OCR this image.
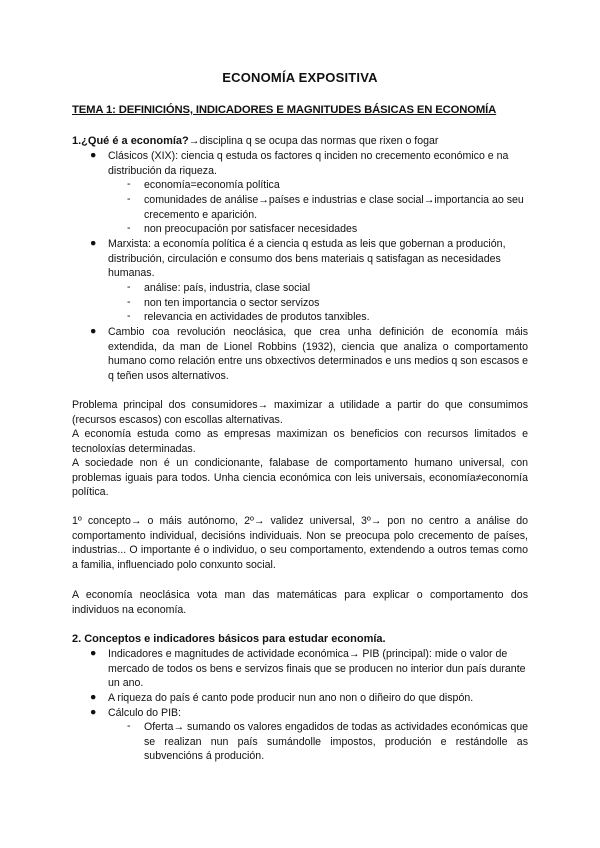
ECONOMÍA EXPOSITIVA
TEMA 1: DEFINICIÓNS, INDICADORES E MAGNITUDES BÁSICAS EN ECONOMÍA
1.¿Qué é a economía?→disciplina q se ocupa das normas que rixen o fogar
● Clásicos (XIX): ciencia q estuda os factores q inciden no crecemento económico e na distribución da riqueza.
- economía=economía política
- comunidades de análise→países e industrias e clase social→importancia ao seu crecemento e aparición.
- non preocupación por satisfacer necesidades
● Marxista: a economía política é a ciencia q estuda as leis que gobernan a produción, distribución, circulación e consumo dos bens materiais q satisfagan as necesidades humanas.
- análise: país, industria, clase social
- non ten importancia o sector servizos
- relevancia en actividades de produtos tanxibles.
● Cambio coa revolución neoclásica, que crea unha definición de economía máis extendida, da man de Lionel Robbins (1932), ciencia que analiza o comportamento humano como relación entre uns obxectivos determinados e uns medios q son escasos e q teñen usos alternativos.
Problema principal dos consumidores→ maximizar a utilidade a partir do que consumimos (recursos escasos) con escollas alternativas.
A economía estuda como as empresas maximizan os beneficios con recursos limitados e tecnoloxías determinadas.
A sociedade non é un condicionante, falabase de comportamento humano universal, con problemas iguais para todos. Unha ciencia económica con leis universais, economía≠economía política.
1º concepto→ o máis autónomo, 2º→ validez universal, 3º→ pon no centro a análise do comportamento individual, decisións individuais. Non se preocupa polo crecemento de países, industrias... O importante é o individuo, o seu comportamento, extendendo a outros temas como a familia, influenciado polo conxunto social.
A economía neoclásica vota man das matemáticas para explicar o comportamento dos individuos na economía.
2. Conceptos e indicadores básicos para estudar economía.
● Indicadores e magnitudes de actividade económica→ PIB (principal): mide o valor de mercado de todos os bens e servizos finais que se producen no interior dun país durante un ano.
● A riqueza do país é canto pode producir nun ano non o diñeiro do que dispón.
● Cálculo do PIB:
- Oferta→ sumando os valores engadidos de todas as actividades económicas que se realizan nun país sumándolle impostos, produción e restándolle as subvencións á produción.
